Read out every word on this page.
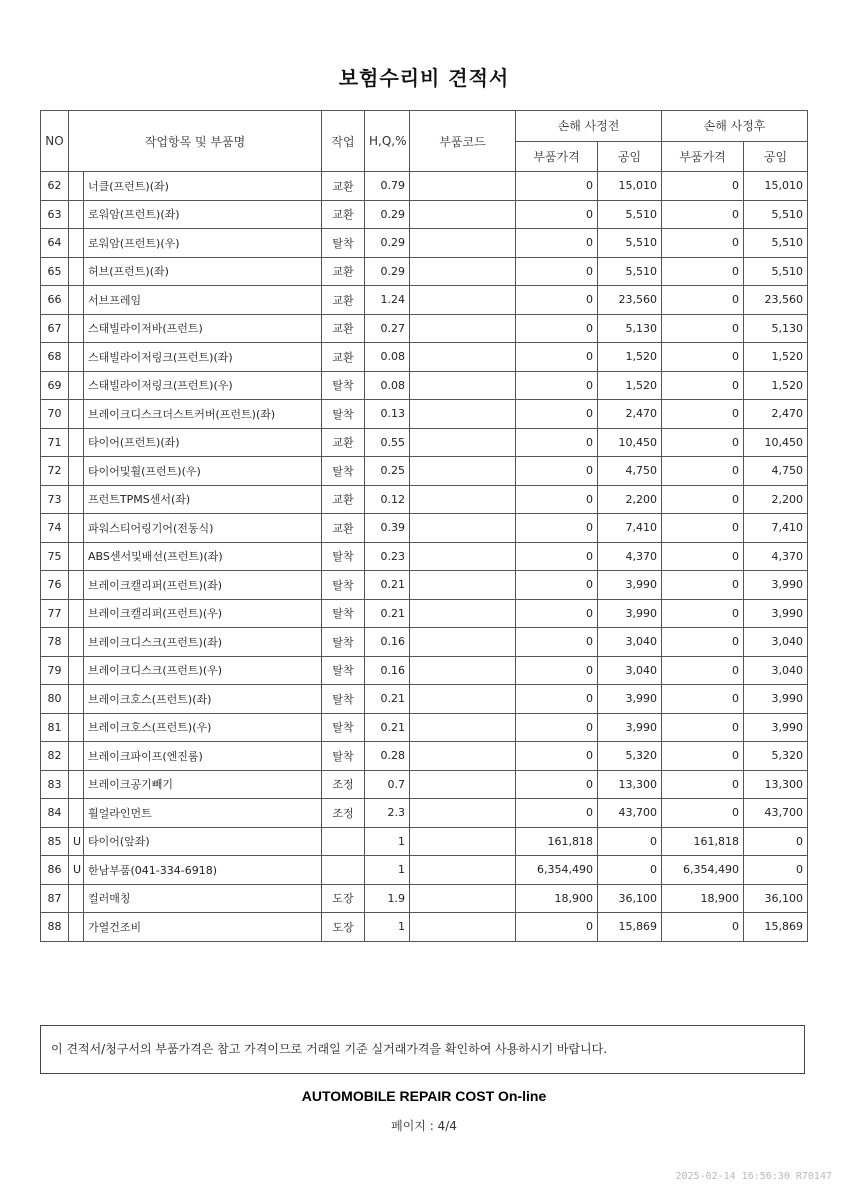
보험수리비 견적서
NO	작업항목 및 부품명		작업	H,Q,%	부품코드	손해 사정전		손해 사정후	
						부품가격	공임	부품가격	공임
62		너클(프런트)(좌)	교환	0.79		0	15,010	0	15,010
63		로워암(프런트)(좌)	교환	0.29		0	5,510	0	5,510
64		로워암(프런트)(우)	탈착	0.29		0	5,510	0	5,510
65		허브(프런트)(좌)	교환	0.29		0	5,510	0	5,510
66		서브프레임	교환	1.24		0	23,560	0	23,560
67		스태빌라이저바(프런트)	교환	0.27		0	5,130	0	5,130
68		스태빌라이저링크(프런트)(좌)	교환	0.08		0	1,520	0	1,520
69		스태빌라이저링크(프런트)(우)	탈착	0.08		0	1,520	0	1,520
70		브레이크디스크더스트커버(프런트)(좌)	탈착	0.13		0	2,470	0	2,470
71		타이어(프런트)(좌)	교환	0.55		0	10,450	0	10,450
72		타이어및휠(프런트)(우)	탈착	0.25		0	4,750	0	4,750
73		프런트TPMS센서(좌)	교환	0.12		0	2,200	0	2,200
74		파워스티어링기어(전동식)	교환	0.39		0	7,410	0	7,410
75		ABS센서및배선(프런트)(좌)	탈착	0.23		0	4,370	0	4,370
76		브레이크캘리퍼(프런트)(좌)	탈착	0.21		0	3,990	0	3,990
77		브레이크캘리퍼(프런트)(우)	탈착	0.21		0	3,990	0	3,990
78		브레이크디스크(프런트)(좌)	탈착	0.16		0	3,040	0	3,040
79		브레이크디스크(프런트)(우)	탈착	0.16		0	3,040	0	3,040
80		브레이크호스(프런트)(좌)	탈착	0.21		0	3,990	0	3,990
81		브레이크호스(프런트)(우)	탈착	0.21		0	3,990	0	3,990
82		브레이크파이프(엔진룸)	탈착	0.28		0	5,320	0	5,320
83		브레이크공기빼기	조정	0.7		0	13,300	0	13,300
84		휠얼라인먼트	조정	2.3		0	43,700	0	43,700
85	U	타이어(앞좌)		1		161,818	0	161,818	0
86	U	한남부품(041-334-6918)		1		6,354,490	0	6,354,490	0
87		컬러매칭	도장	1.9		18,900	36,100	18,900	36,100
88		가열건조비	도장	1		0	15,869	0	15,869
이 견적서/청구서의 부품가격은 참고 가격이므로 거래일 기준 실거래가격을 확인하여 사용하시기 바랍니다.
AUTOMOBILE REPAIR COST On-line
페이지 : 4/4
2025-02-14 16:56:30 R70147
